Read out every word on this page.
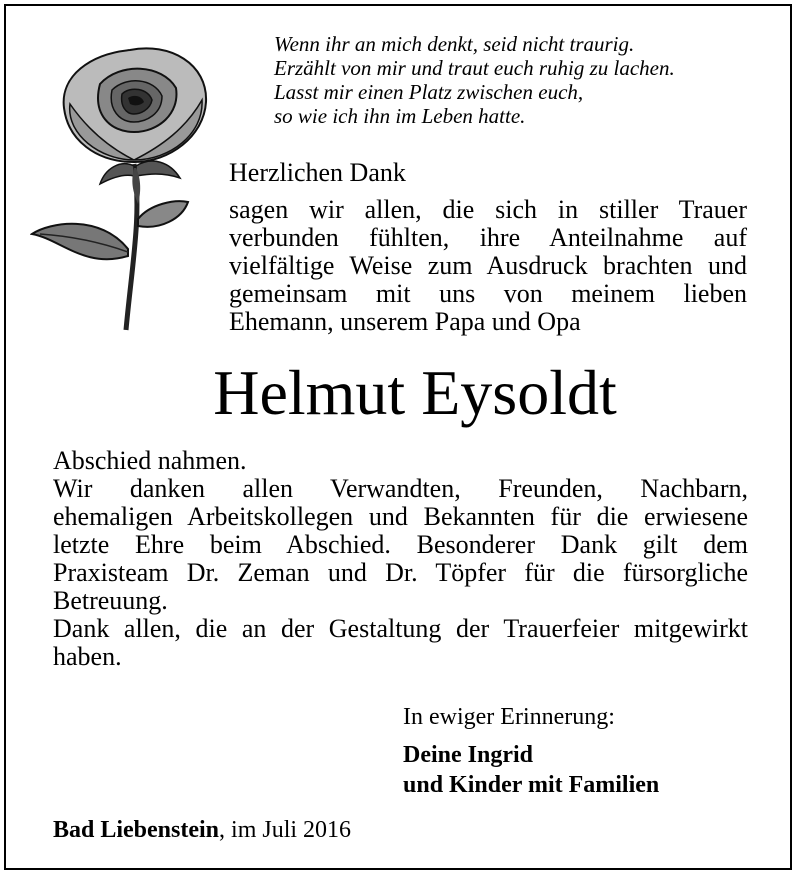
Wenn ihr an mich denkt, seid nicht traurig.
Erzählt von mir und traut euch ruhig zu lachen.
Lasst mir einen Platz zwischen euch,
so wie ich ihn im Leben hatte.
Herzlichen Dank
sagen wir allen, die sich in stiller Trauer
verbunden fühlten, ihre Anteilnahme auf
vielfältige Weise zum Ausdruck brachten und
gemeinsam mit uns von meinem lieben
Ehemann, unserem Papa und Opa
Helmut Eysoldt
Abschied nahmen.
Wir danken allen Verwandten, Freunden, Nachbarn,
ehemaligen Arbeitskollegen und Bekannten für die erwiesene
letzte Ehre beim Abschied. Besonderer Dank gilt dem
Praxisteam Dr. Zeman und Dr. Töpfer für die fürsorgliche
Betreuung.
Dank allen, die an der Gestaltung der Trauerfeier mitgewirkt
haben.
In ewiger Erinnerung:
Deine Ingrid
und Kinder mit Familien
Bad Liebenstein, im Juli 2016
